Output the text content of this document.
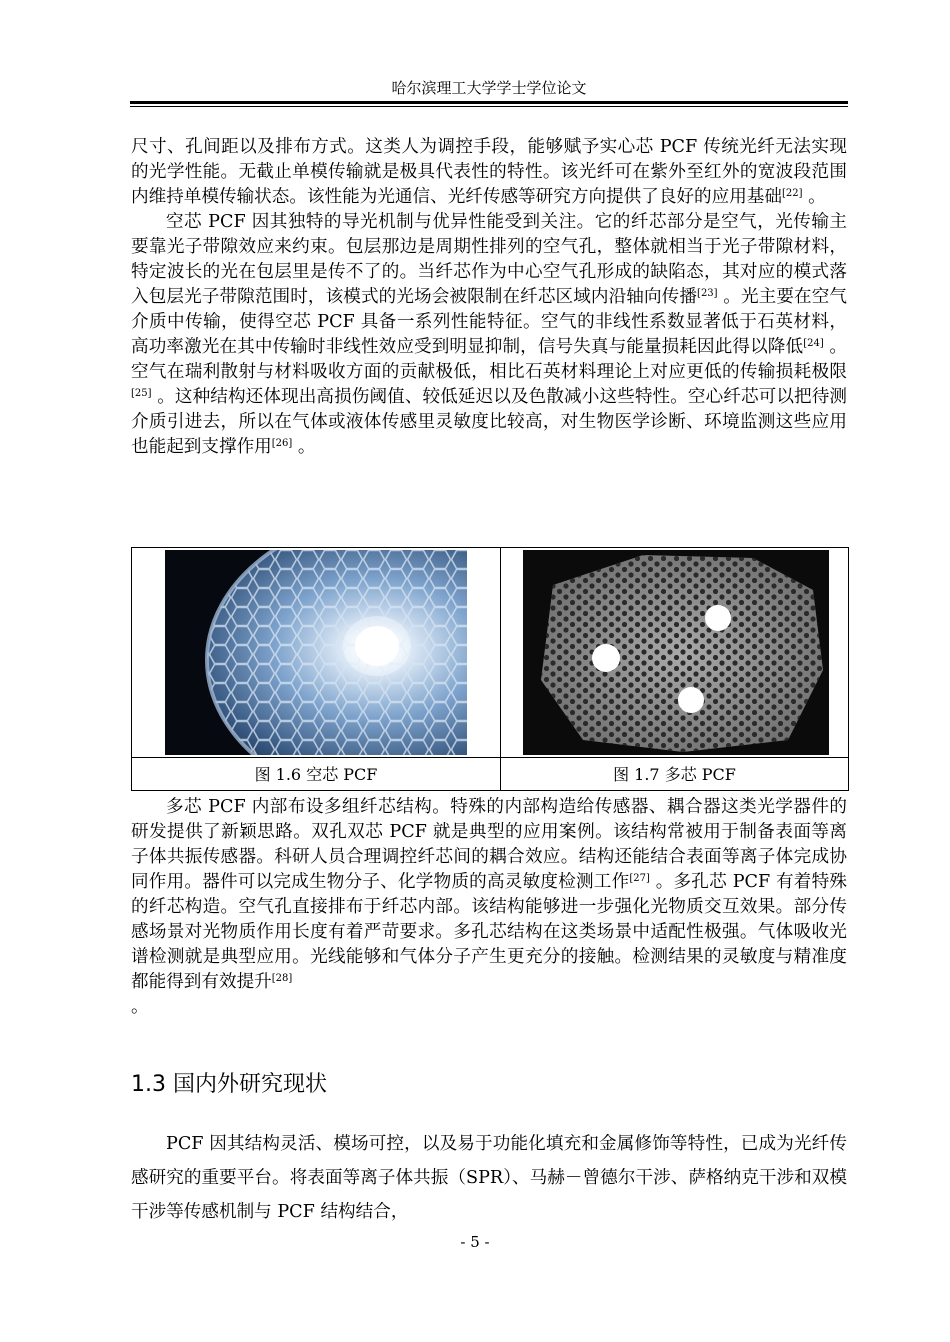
哈尔滨理工大学学士学位论文

尺寸、孔间距以及排布方式。这类人为调控手段，能够赋予实心芯 PCF 传统光纤无法实现的光学性能。无截止单模传输就是极具代表性的特性。该光纤可在紫外至红外的宽波段范围内维持单模传输状态。该性能为光通信、光纤传感等研究方向提供了良好的应用基础[22] 。

空芯 PCF 因其独特的导光机制与优异性能受到关注。它的纤芯部分是空气，光传输主要靠光子带隙效应来约束。包层那边是周期性排列的空气孔，整体就相当于光子带隙材料，特定波长的光在包层里是传不了的。当纤芯作为中心空气孔形成的缺陷态，其对应的模式落入包层光子带隙范围时，该模式的光场会被限制在纤芯区域内沿轴向传播[23] 。光主要在空气介质中传输，使得空芯 PCF 具备一系列性能特征。空气的非线性系数显著低于石英材料，高功率激光在其中传输时非线性效应受到明显抑制，信号失真与能量损耗因此得以降低[24] 。空气在瑞利散射与材料吸收方面的贡献极低，相比石英材料理论上对应更低的传输损耗极限[25] 。这种结构还体现出高损伤阈值、较低延迟以及色散减小这些特性。空心纤芯可以把待测介质引进去，所以在气体或液体传感里灵敏度比较高，对生物医学诊断、环境监测这些应用也能起到支撑作用[26] 。

图 1.6 空芯 PCF	图 1.7 多芯 PCF

多芯 PCF 内部布设多组纤芯结构。特殊的内部构造给传感器、耦合器这类光学器件的研发提供了新颖思路。双孔双芯 PCF 就是典型的应用案例。该结构常被用于制备表面等离子体共振传感器。科研人员合理调控纤芯间的耦合效应。结构还能结合表面等离子体完成协同作用。器件可以完成生物分子、化学物质的高灵敏度检测工作[27] 。多孔芯 PCF 有着特殊的纤芯构造。空气孔直接排布于纤芯内部。该结构能够进一步强化光物质交互效果。部分传感场景对光物质作用长度有着严苛要求。多孔芯结构在这类场景中适配性极强。气体吸收光谱检测就是典型应用。光线能够和气体分子产生更充分的接触。检测结果的灵敏度与精准度都能得到有效提升[28]
。

1.3 国内外研究现状

PCF 因其结构灵活、模场可控，以及易于功能化填充和金属修饰等特性，已成为光纤传感研究的重要平台。将表面等离子体共振（SPR）、马赫－曾德尔干涉、萨格纳克干涉和双模干涉等传感机制与 PCF 结构结合，

- 5 -
